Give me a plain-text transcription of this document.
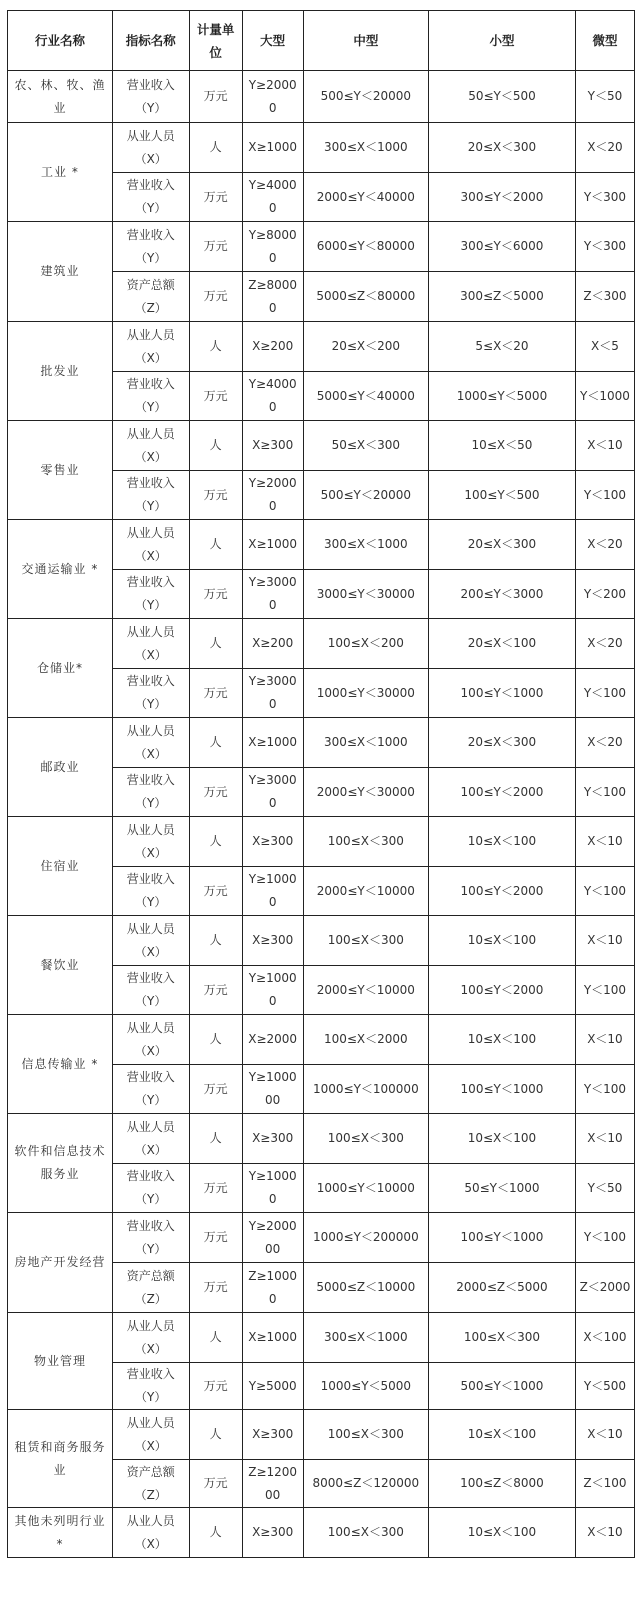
行业名称	指标名称	计量单位	大型	中型	小型	微型
农、林、牧、渔业	营业收入（Y）	万元	Y≥20000	500≤Y＜20000	50≤Y＜500	Y＜50
工业 *	从业人员（X）	人	X≥1000	300≤X＜1000	20≤X＜300	X＜20
	营业收入（Y）	万元	Y≥40000	2000≤Y＜40000	300≤Y＜2000	Y＜300
建筑业	营业收入（Y）	万元	Y≥80000	6000≤Y＜80000	300≤Y＜6000	Y＜300
	资产总额（Z）	万元	Z≥80000	5000≤Z＜80000	300≤Z＜5000	Z＜300
批发业	从业人员（X）	人	X≥200	20≤X＜200	5≤X＜20	X＜5
	营业收入（Y）	万元	Y≥40000	5000≤Y＜40000	1000≤Y＜5000	Y＜1000
零售业	从业人员（X）	人	X≥300	50≤X＜300	10≤X＜50	X＜10
	营业收入（Y）	万元	Y≥20000	500≤Y＜20000	100≤Y＜500	Y＜100
交通运输业 *	从业人员（X）	人	X≥1000	300≤X＜1000	20≤X＜300	X＜20
	营业收入（Y）	万元	Y≥30000	3000≤Y＜30000	200≤Y＜3000	Y＜200
仓储业*	从业人员（X）	人	X≥200	100≤X＜200	20≤X＜100	X＜20
	营业收入（Y）	万元	Y≥30000	1000≤Y＜30000	100≤Y＜1000	Y＜100
邮政业	从业人员（X）	人	X≥1000	300≤X＜1000	20≤X＜300	X＜20
	营业收入（Y）	万元	Y≥30000	2000≤Y＜30000	100≤Y＜2000	Y＜100
住宿业	从业人员（X）	人	X≥300	100≤X＜300	10≤X＜100	X＜10
	营业收入（Y）	万元	Y≥10000	2000≤Y＜10000	100≤Y＜2000	Y＜100
餐饮业	从业人员（X）	人	X≥300	100≤X＜300	10≤X＜100	X＜10
	营业收入（Y）	万元	Y≥10000	2000≤Y＜10000	100≤Y＜2000	Y＜100
信息传输业 *	从业人员（X）	人	X≥2000	100≤X＜2000	10≤X＜100	X＜10
	营业收入（Y）	万元	Y≥100000	1000≤Y＜100000	100≤Y＜1000	Y＜100
软件和信息技术服务业	从业人员（X）	人	X≥300	100≤X＜300	10≤X＜100	X＜10
	营业收入（Y）	万元	Y≥10000	1000≤Y＜10000	50≤Y＜1000	Y＜50
房地产开发经营	营业收入（Y）	万元	Y≥200000	1000≤Y＜200000	100≤Y＜1000	Y＜100
	资产总额（Z）	万元	Z≥10000	5000≤Z＜10000	2000≤Z＜5000	Z＜2000
物业管理	从业人员（X）	人	X≥1000	300≤X＜1000	100≤X＜300	X＜100
	营业收入（Y）	万元	Y≥5000	1000≤Y＜5000	500≤Y＜1000	Y＜500
租赁和商务服务业	从业人员（X）	人	X≥300	100≤X＜300	10≤X＜100	X＜10
	资产总额（Z）	万元	Z≥120000	8000≤Z＜120000	100≤Z＜8000	Z＜100
其他未列明行业 *	从业人员（X）	人	X≥300	100≤X＜300	10≤X＜100	X＜10
